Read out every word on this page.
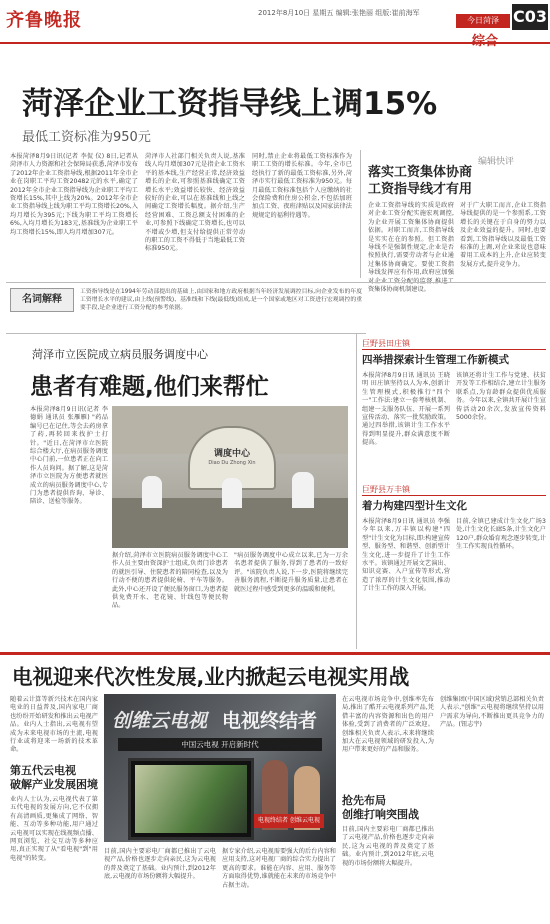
齐鲁晚报	2012年8月10日 星期五 编辑:张艳丽 组版:崔前海军
今日菏泽 C03
菏泽企业工资指导线上调15%
最低工资标准为950元
本报菏泽8月9日讯(记者 李侃 仪) 8日,记者从菏泽市人力资源和社会保障局获悉,菏泽市发布了2012年企业工资指导线,根据2011年全市企业在岗职工平均工资20482元的水平,确定了2012年全市企业工资指导线为企业职工平均工资增长15%,其中上线为20%。2012年全市企业工资指导线上线为职工平均工资增长20%,入均月增长为395元;下线为职工平均工资增长6%,入均月增长为183元,基准线为企业职工平均工资增长15%,即人均月增加307元。
菏泽市人社部门相关负责人说,基准线人均月增加307元是指企业工资水平的基本线,生产经营正常,经济效益增长的企业,可参照基准线确定工资增长水平;效益增长较快、经济效益较好的企业,可以在基准线和上线之间确定工资增长幅度。据介绍,生产经营困难、工资总额支付困难的企业,可参照下线确定工资增长,也可以不增或少增,但支付给提供正常劳动的职工的工资不得低于当地最低工资标准950元。
同时,禁止企业将最低工资标准作为职工工资的增长标准。今年,全市已经执行了新的最低工资标准,另外,菏泽市实行最低工资标准为950元。每月最低工资标准包括个人应缴纳的社会保险费和住房公积金,不包括加班加点工资、夜班津贴以及国家法律法规规定的福利待遇等。
编辑快评
落实工资集体协商
工资指导线才有用
企业工资指导线的实质是政府对企业工资分配实施宏观调控,为企业开展工资集体协商提供依据。对职工而言,工资指导线是实实在在的参照。但工资指导线不是强制性规定,企业是否按照执行,需要劳动者与企业通过集体协商确定。要使工资指导线发挥应有作用,政府应加强 资集体协商机制建设。
对于广大职工而言,企业工资指导线提供的是一个参照系,工资增长的关键在于自身的努力以及企业效益的提升。同时,也要看到,工资指导线以及最低工资标准的上调,对企业来说也意味着用工成本的上升,企业应转变发展方式,提升竞争力。
名词解释
工资指导线是在1994年劳动部提出的基础上,由国家和地方政府根据当年经济发展调控目标,向企业发布的年度工资增长水平的建议,由上线(预警线)、基准线和下线(最低线)组成,是一个国家或地区对工资进行宏观调控的重要手段,是企业进行工资分配的参考依据。
菏泽市立医院成立病员服务调度中心
患者有难题,他们来帮忙
本报菏泽8月9日讯(记者 李德娟 通讯员 张雁雁) "药品编号已在记住,等会去药房拿了药,再转回来找护士打针。"近日,在菏泽市立医院综合楼大厅,在病员服务调度中心门前,一位患者正在向工作人员询问。据了解,这是菏泽市立医院为方便患者就医成立的病员服务调度中心,专门为患者提供咨询、导诊、陪诊、送检等服务。
调度中心
Diao Du Zhong Xin
据介绍,菏泽市立医院病员服务调度中心工作人员主要由资深护士组成,负责门诊患者的就医引导、住院患者的陪同检查,以及为行动不便的患者提供轮椅、平车等服务。此外,中心还开设了便民服务窗口,为患者提供免费开水、老花镜、针线包等便民物品。
"病员服务调度中心成立以来,已为一万余名患者提供了服务,得到了患者的一致好评。"该院负责人说,下一步,医院将继续完善服务流程,不断提升服务质量,让患者在就医过程中感受到更多的温暖和便利。
巨野县田庄镇
四举措探索计生管理工作新模式
本报菏泽8月9日讯 通讯员 王晓明 田庄镇坚持以人为本,创新计生管理模式,积极推行"四个一"工作法:建立一套考核机制、组建一支服务队伍、开展一系列宣传活动、落实一批奖励政策。通过四举措,该镇计生工作水平得到明显提升,群众满意度不断提高。
该镇还将计生工作与党建、扶贫开发等工作相结合,建立计生服务联系点,为育龄群众提供优质服务。今年以来,全镇共开展计生宣传活动20余次,发放宣传资料5000余份。
巨野县万丰镇
着力构建四型计生文化
本报菏泽8月9日讯 通讯员 李强 今年以来,万丰镇以构建"四型"计生文化为目标,即:构建宣传型、服务型、和谐型、创新型计生文化,进一步提升了计生工作水平。该镇通过开展文艺演出、知识竞赛、入户宣传等形式,营造了浓厚的计生文化氛围,推动了计生工作的深入开展。
目前,全镇已建成计生文化广场3处,计生文化长廊5条,计生文化户120户,群众婚育观念逐步转变,计生工作实现良性循环。
电视迎来代次性发展,业内掀起云电视实用战
随着云计算等新兴技术在国内家电业的日益普及,国内家电厂商也纷纷开始研发和推出云电视产品。业内人士指出,云电视有望成为未来电视市场的主流,电视行业或将迎来一场新的技术革命。
第五代云电视
破解产业发展困境
业内人士认为,云电视代表了第五代电视的发展方向,它不仅拥有高清画质,更集成了网络、智能、互动等多种功能,用户通过云电视可以实现在线视频点播、网页浏览、社交互动等多种应用,真正实现了从"看电视"到"用电视"的转变。
创维云电视 电视终结者
中国云电视 开启新时代
电视终结者 创维云电视
目前,国内主要彩电厂商都已推出了云电视产品,价格也逐步走向亲民,这为云电视的普及奠定了基础。业内预计,到2012年底,云电视的市场份额将大幅提升。
据专家介绍,云电视需要强大的后台内容和应用支持,这对电视厂商的综合实力提出了更高的要求。谁能在内容、应用、服务等方面取得优势,谁就能在未来的市场竞争中占据主动。
在云电视市场竞争中,创维率先布局,推出了酷开云电视系列产品,凭借丰富的内容资源和出色的用户体验,受到了消费者的广泛欢迎。创维相关负责人表示,未来将继续加大在云电视领域的研发投入,为用户带来更好的产品和服务。
抢先布局
创维打响突围战
目前,国内主要彩电厂商都已推出了云电视产品,价格也逐步走向亲民,这为云电视的普及奠定了基础。业内预计,到2012年底,云电视的市场份额将大幅提升。
创维集团(中国区域)营销总部相关负责人表示,"创维"云电视将继续坚持以用户需求为导向,不断推出更具竞争力的产品。(钮志宇)
